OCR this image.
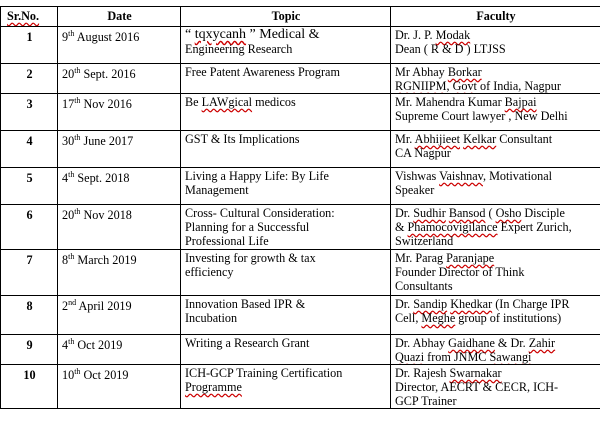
Sr.No.	Date	Topic	Faculty
1	9th August 2016	“ tqxycanh ” Medical &
Engineering Research	Dr. J. P. Modak
Dean ( R & D ) LTJSS

2	20th Sept. 2016	Free Patent Awareness Program	Mr Abhay Borkar
RGNIIPM, Govt of India, Nagpur

3	17th Nov 2016	Be LAWgical medicos	Mr. Mahendra Kumar Bajpai
Supreme Court lawyer , New Delhi

4	30th June 2017	GST & Its Implications	Mr. Abhijieet Kelkar Consultant
CA Nagpur

5	4th Sept. 2018	Living a Happy Life: By Life
Management	Vishwas Vaishnav, Motivational
Speaker

6	20th Nov 2018	Cross- Cultural Consideration:
Planning for a Successful
Professional Life	Dr. Sudhir Bansod ( Osho Disciple
& Phamocovigilance Expert Zurich,
Switzerland

7	8th March 2019	Investing for growth & tax
efficiency	Mr. Parag Paranjape
Founder Director of Think
Consultants

8	2nd April 2019	Innovation Based IPR &
Incubation	Dr. Sandip Khedkar (In Charge IPR
Cell, Meghe group of institutions)

9	4th Oct 2019	Writing a Research Grant	Dr. Abhay Gaidhane & Dr. Zahir
Quazi from JNMC Sawangi

10	10th Oct 2019	ICH-GCP Training Certification
Programme	Dr. Rajesh Swarnakar
Director, AECRT & CECR, ICH-
GCP Trainer
